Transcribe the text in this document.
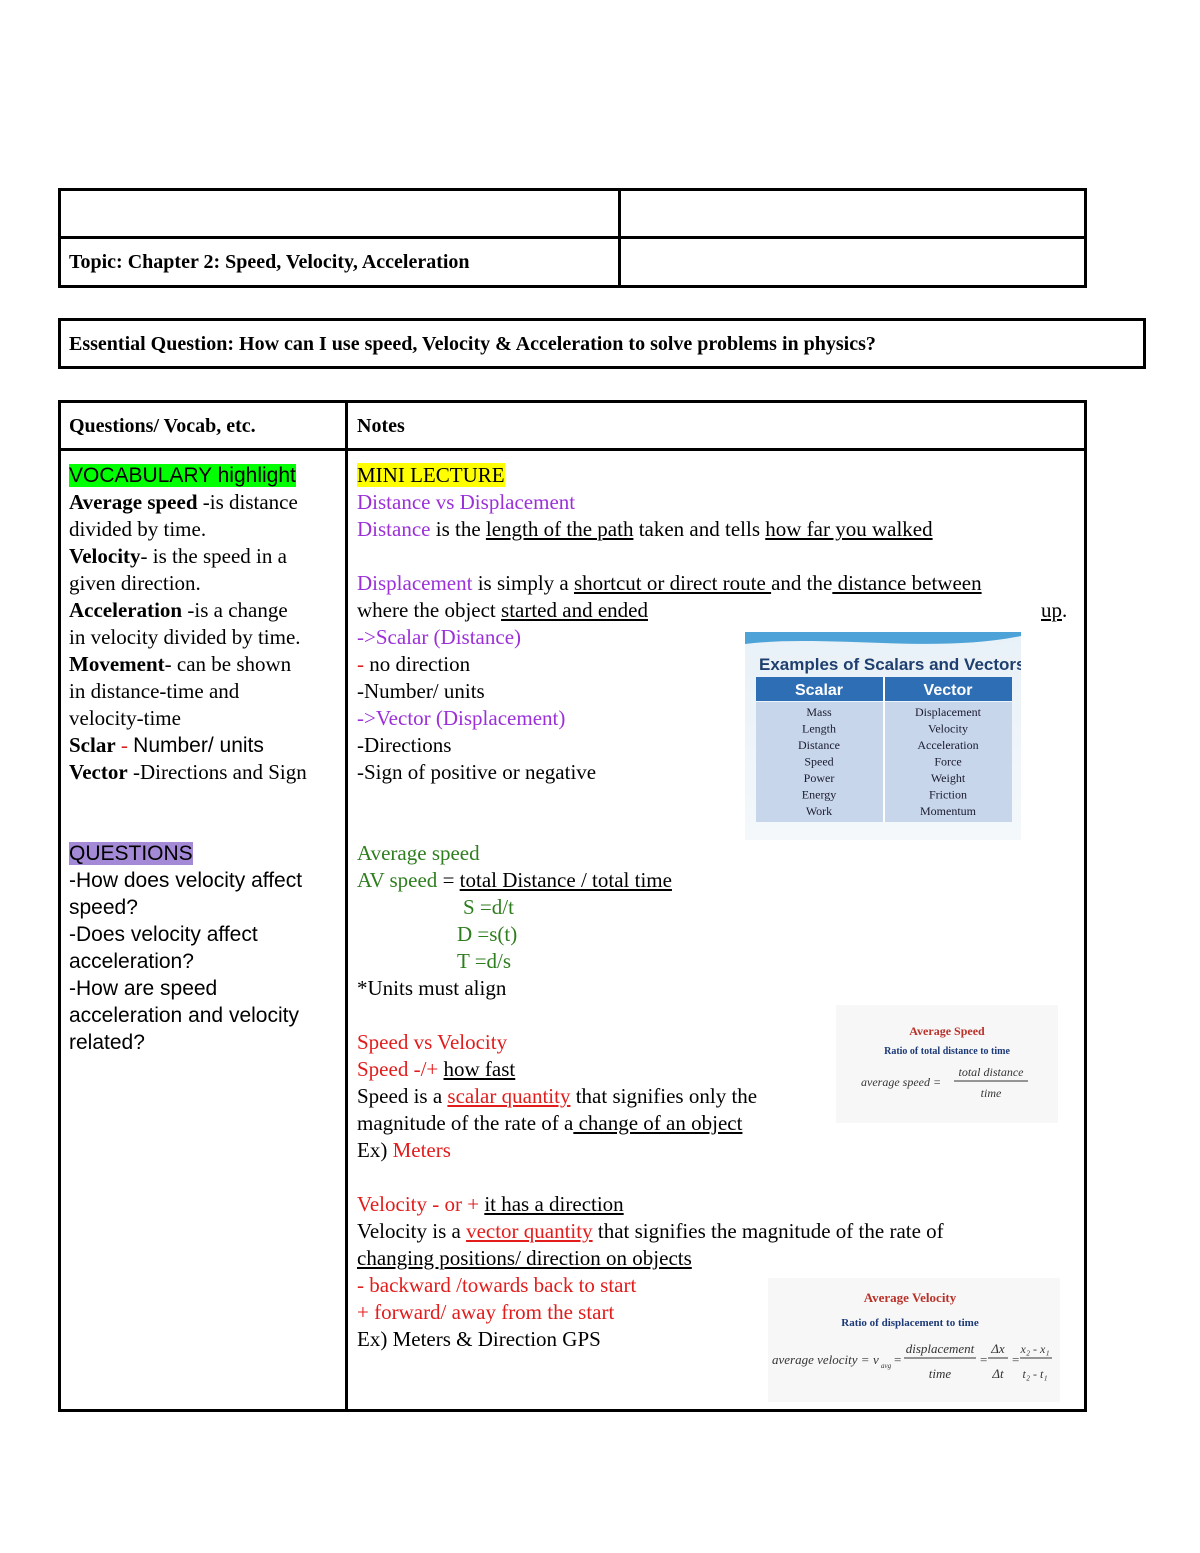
Topic: Chapter 2: Speed, Velocity, Acceleration
Essential Question: How can I use speed, Velocity & Acceleration to solve problems in physics?
Questions/ Vocab, etc.	Notes
VOCABULARY highlight
Average speed -is distance
divided by time.
Velocity- is the speed in a
given direction.
Acceleration -is a change
in velocity divided by time.
Movement- can be shown
in distance-time and
velocity-time
Sclar - Number/ units
Vector -Directions and Sign
QUESTIONS
-How does velocity affect
speed?
-Does velocity affect
acceleration?
-How are speed
acceleration and velocity
related?
MINI LECTURE
Distance vs Displacement
Distance is the length of the path taken and tells how far you walked

Displacement is simply a shortcut or direct route and the distance between
where the object started and ended	up.
->Scalar (Distance)
- no direction
-Number/ units
->Vector (Displacement)
-Directions
-Sign of positive or negative
Average speed
AV speed = total Distance / total time
S =d/t
D =s(t)
T =d/s
*Units must align

Speed vs Velocity
Speed -/+ how fast
Speed is a scalar quantity that signifies only the
magnitude of the rate of a change of an object
Ex) Meters

Velocity - or + it has a direction
Velocity is a vector quantity that signifies the magnitude of the rate of
changing positions/ direction on objects
- backward /towards back to start
+ forward/ away from the start
Ex) Meters & Direction GPS
Examples of Scalars and Vectors
Scalar	Vector
Mass	Displacement
Length	Velocity
Distance	Acceleration
Speed	Force
Power	Weight
Energy	Friction
Work	Momentum
Average Speed
Ratio of total distance to time
average speed =
total distance
time
Average Velocity
Ratio of displacement to time
average velocity = v avg =
displacement
time
=
Δx
Δt
=
x₂ - x₁
t₂ - t₁
